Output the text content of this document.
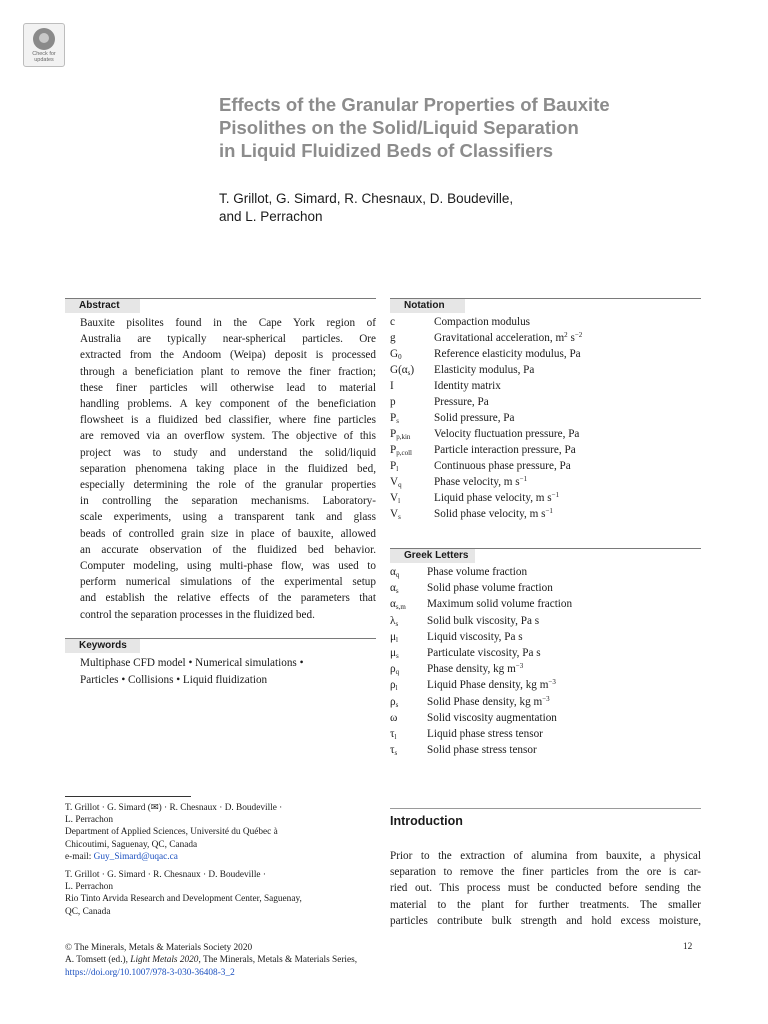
Check for
updates
Effects of the Granular Properties of Bauxite
Pisolithes on the Solid/Liquid Separation
in Liquid Fluidized Beds of Classifiers
T. Grillot, G. Simard, R. Chesnaux, D. Boudeville,
and L. Perrachon
Abstract
Bauxite pisolites found in the Cape York region of
Australia are typically near-spherical particles. Ore
extracted from the Andoom (Weipa) deposit is processed
through a beneficiation plant to remove the finer fraction;
these finer particles will otherwise lead to material
handling problems. A key component of the beneficiation
flowsheet is a fluidized bed classifier, where fine particles
are removed via an overflow system. The objective of this
project was to study and understand the solid/liquid
separation phenomena taking place in the fluidized bed,
especially determining the role of the granular properties
in controlling the separation mechanisms. Laboratory-
scale experiments, using a transparent tank and glass
beads of controlled grain size in place of bauxite, allowed
an accurate observation of the fluidized bed behavior.
Computer modeling, using multi-phase flow, was used to
perform numerical simulations of the experimental setup
and establish the relative effects of the parameters that
control the separation processes in the fluidized bed.
Keywords
Multiphase CFD model • Numerical simulations •
Particles • Collisions • Liquid fluidization
Notation
c	Compaction modulus
g	Gravitational acceleration, $m^2$ $s^{-2}$
$G_0$	Reference elasticity modulus, Pa
$G(\alpha_s)$	Elasticity modulus, Pa
I	Identity matrix
p	Pressure, Pa
$P_s$	Solid pressure, Pa
$P_{p,kin}$	Velocity fluctuation pressure, Pa
$P_{p,coll}$	Particle interaction pressure, Pa
$P_l$	Continuous phase pressure, Pa
$V_q$	Phase velocity, m $s^{-1}$
$V_l$	Liquid phase velocity, m $s^{-1}$
$V_s$	Solid phase velocity, m $s^{-1}$
Greek Letters
$\alpha_q$	Phase volume fraction
$\alpha_s$	Solid phase volume fraction
$\alpha_{s,m}$	Maximum solid volume fraction
$\lambda_s$	Solid bulk viscosity, Pa s
$\mu_l$	Liquid viscosity, Pa s
$\mu_s$	Particulate viscosity, Pa s
$\rho_q$	Phase density, kg $m^{-3}$
$\rho_l$	Liquid Phase density, kg $m^{-3}$
$\rho_s$	Solid Phase density, kg $m^{-3}$
ω	Solid viscosity augmentation
$\tau_l$	Liquid phase stress tensor
$\tau_s$	Solid phase stress tensor
T. Grillot · G. Simard (✉) · R. Chesnaux · D. Boudeville ·
L. Perrachon
Department of Applied Sciences, Université du Québec à
Chicoutimi, Saguenay, QC, Canada
e-mail: Guy_Simard@uqac.ca
T. Grillot · G. Simard · R. Chesnaux · D. Boudeville ·
L. Perrachon
Rio Tinto Arvida Research and Development Center, Saguenay,
QC, Canada
Introduction
Prior to the extraction of alumina from bauxite, a physical
separation to remove the finer particles from the ore is car-
ried out. This process must be conducted before sending the
material to the plant for further treatments. The smaller
particles contribute bulk strength and hold excess moisture,
© The Minerals, Metals & Materials Society 2020
A. Tomsett (ed.), Light Metals 2020, The Minerals, Metals & Materials Series,
https://doi.org/10.1007/978-3-030-36408-3_2
12
